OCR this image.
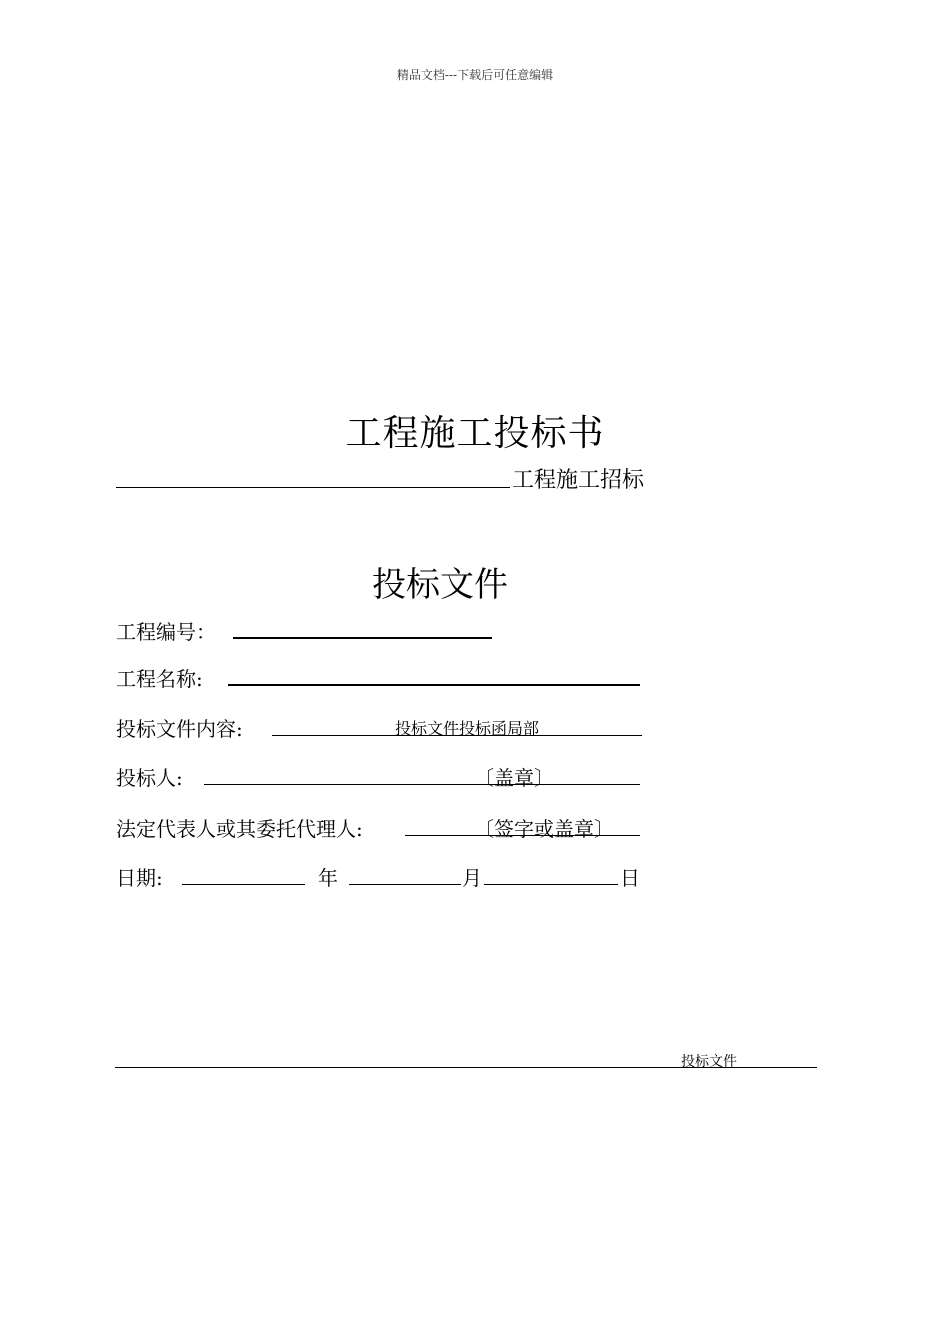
精品文档---下载后可任意编辑
工程施工投标书
工程施工招标
投标文件
工程编号：
工程名称:
投标文件内容:	投标文件投标函局部
投标人:	〔盖章〕
法定代表人或其委托代理人:	〔签字或盖章〕
日期:	年	月	日
投标文件
